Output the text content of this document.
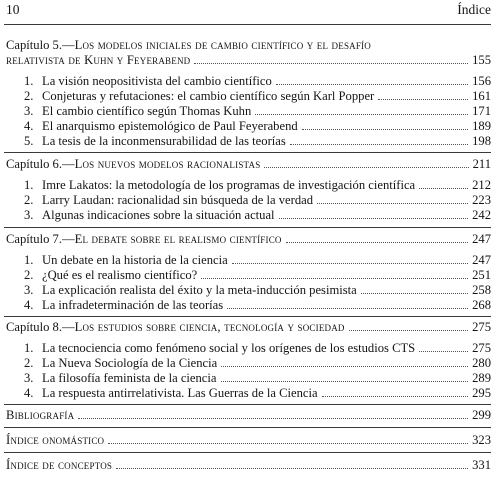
10	Índice
Capítulo 5.—Los modelos iniciales de cambio científico y el desafío
relativista de Kuhn y Feyerabend	155
1. La visión neopositivista del cambio científico	156
2. Conjeturas y refutaciones: el cambio científico según Karl Popper	161
3. El cambio científico según Thomas Kuhn	171
4. El anarquismo epistemológico de Paul Feyerabend	189
5. La tesis de la inconmensurabilidad de las teorías	198
Capítulo 6.—Los nuevos modelos racionalistas	211
1. Imre Lakatos: la metodología de los programas de investigación científica	212
2. Larry Laudan: racionalidad sin búsqueda de la verdad	223
3. Algunas indicaciones sobre la situación actual	242
Capítulo 7.—El debate sobre el realismo científico	247
1. Un debate en la historia de la ciencia	247
2. ¿Qué es el realismo científico?	251
3. La explicación realista del éxito y la meta-inducción pesimista	258
4. La infradeterminación de las teorías	268
Capítulo 8.—Los estudios sobre ciencia, tecnología y sociedad	275
1. La tecnociencia como fenómeno social y los orígenes de los estudios CTS	275
2. La Nueva Sociología de la Ciencia	280
3. La filosofía feminista de la ciencia	289
4. La respuesta antirrelativista. Las Guerras de la Ciencia	295
Bibliografía	299
Índice onomástico	323
Índice de conceptos	331
